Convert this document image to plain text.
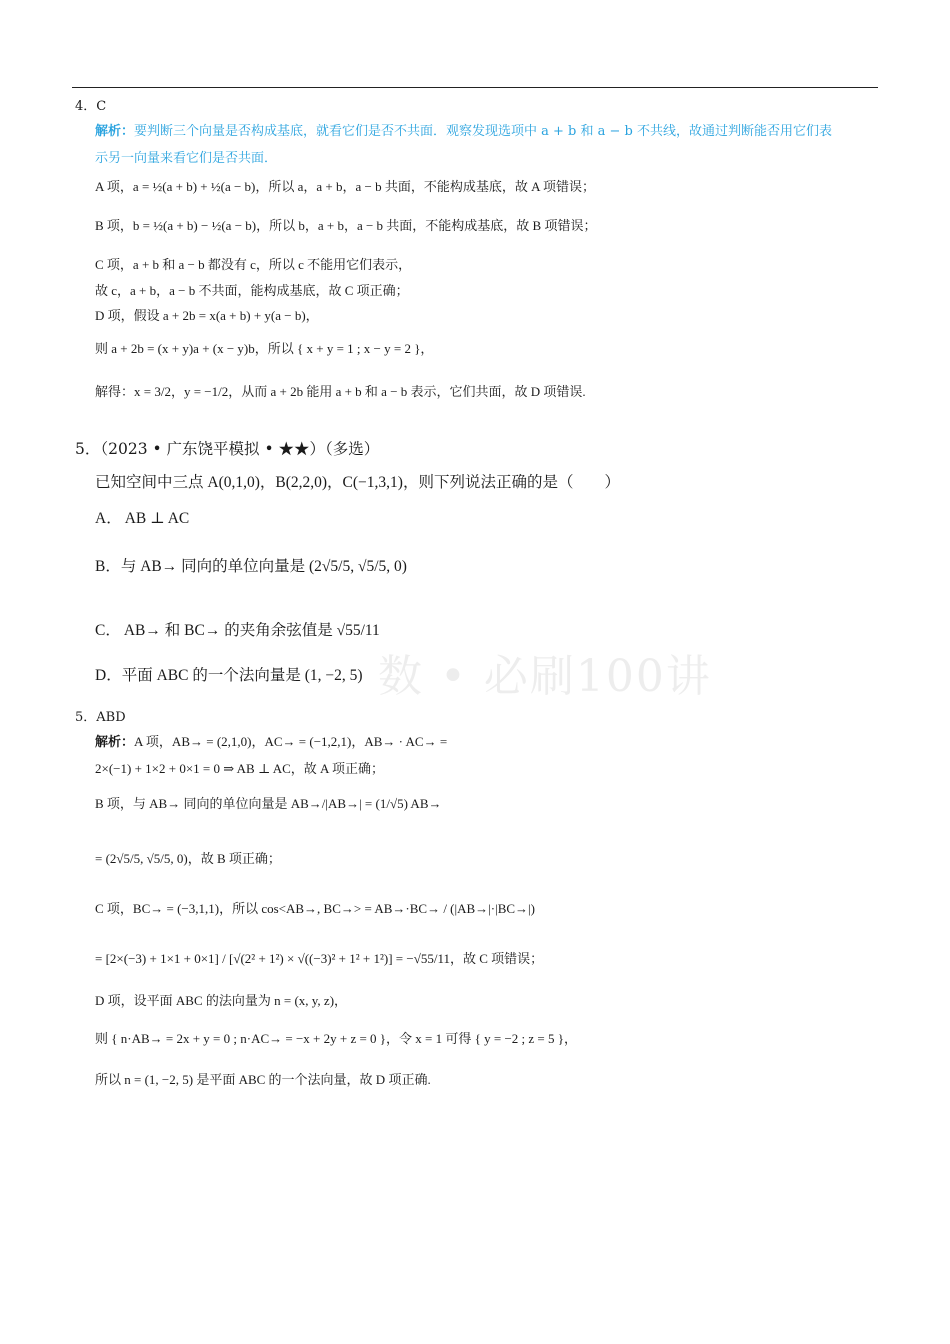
数 • 必刷100讲
4．C
解析：要判断三个向量是否构成基底，就看它们是否不共面．观察发现选项中 a + b 和 a − b 不共线，故通过判断能否用它们表
示另一向量来看它们是否共面．
A 项，a = ½(a + b) + ½(a − b)，所以 a，a + b，a − b 共面，不能构成基底，故 A 项错误；
B 项，b = ½(a + b) − ½(a − b)，所以 b，a + b，a − b 共面，不能构成基底，故 B 项错误；
C 项，a + b 和 a − b 都没有 c，所以 c 不能用它们表示，
故 c，a + b，a − b 不共面，能构成基底，故 C 项正确；
D 项，假设 a + 2b = x(a + b) + y(a − b)，
则 a + 2b = (x + y)a + (x − y)b，所以 { x + y = 1 ; x − y = 2 }，
解得：x = 3/2，y = −1/2，从而 a + 2b 能用 a + b 和 a − b 表示，它们共面，故 D 项错误.
5．（2023 • 广东饶平模拟 • ★★）（多选）
已知空间中三点 A(0,1,0)，B(2,2,0)，C(−1,3,1)，则下列说法正确的是（　　）
A． AB ⊥ AC
B．与 AB→ 同向的单位向量是 (2√5/5, √5/5, 0)
C． AB→ 和 BC→ 的夹角余弦值是 √55/11
D．平面 ABC 的一个法向量是 (1, −2, 5)
5．ABD
解析：A 项，AB→ = (2,1,0)，AC→ = (−1,2,1)，AB→ · AC→ =
2×(−1) + 1×2 + 0×1 = 0 ⇒ AB ⊥ AC，故 A 项正确；
B 项，与 AB→ 同向的单位向量是 AB→/|AB→| = (1/√5) AB→
= (2√5/5, √5/5, 0)，故 B 项正确；
C 项，BC→ = (−3,1,1)，所以 cos<AB→, BC→> = AB→·BC→ / (|AB→|·|BC→|)
= [2×(−3) + 1×1 + 0×1] / [√(2² + 1²) × √((−3)² + 1² + 1²)] = −√55/11，故 C 项错误；
D 项，设平面 ABC 的法向量为 n = (x, y, z)，
则 { n·AB→ = 2x + y = 0 ; n·AC→ = −x + 2y + z = 0 }，令 x = 1 可得 { y = −2 ; z = 5 }，
所以 n = (1, −2, 5) 是平面 ABC 的一个法向量，故 D 项正确.
